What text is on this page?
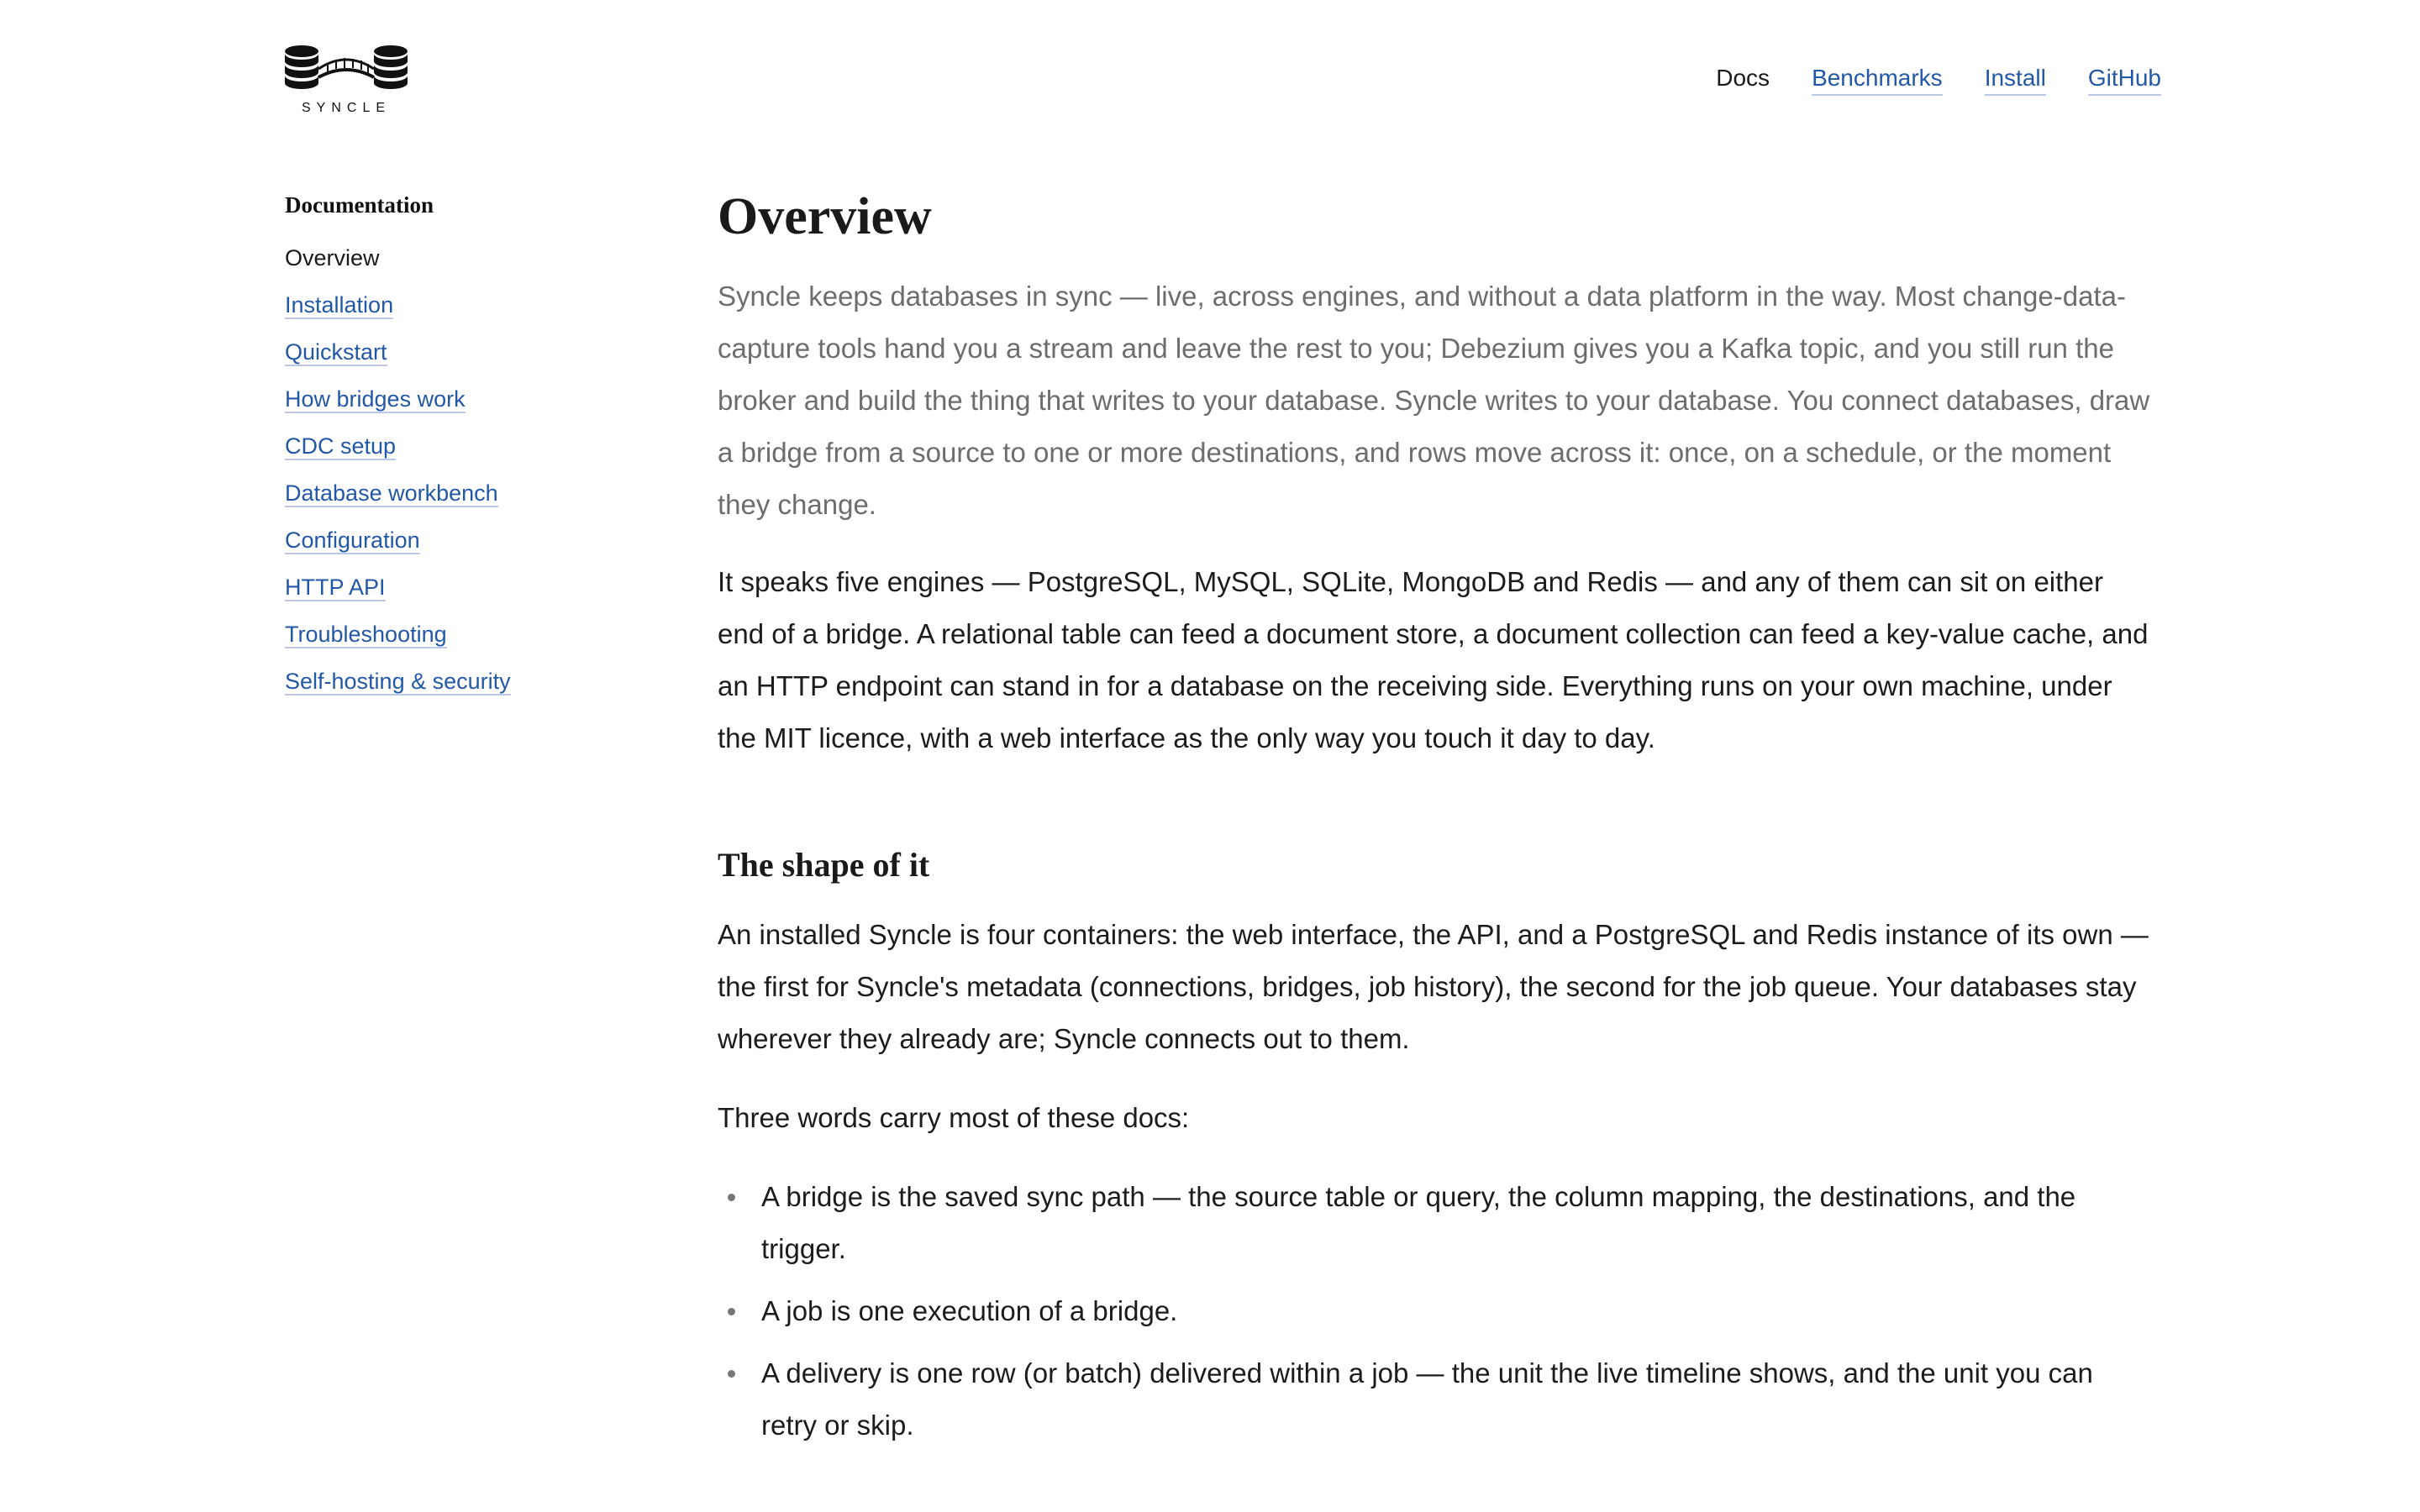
SYNCLE
Docs Benchmarks Install GitHub
Documentation
Overview
Installation
Quickstart
How bridges work
CDC setup
Database workbench
Configuration
HTTP API
Troubleshooting
Self-hosting & security
Overview

Syncle keeps databases in sync — live, across engines, and without a data platform in the way. Most change-data-capture tools hand you a stream and leave the rest to you; Debezium gives you a Kafka topic, and you still run the broker and build the thing that writes to your database. Syncle writes to your database. You connect databases, draw a bridge from a source to one or more destinations, and rows move across it: once, on a schedule, or the moment they change.

It speaks five engines — PostgreSQL, MySQL, SQLite, MongoDB and Redis — and any of them can sit on either end of a bridge. A relational table can feed a document store, a document collection can feed a key-value cache, and an HTTP endpoint can stand in for a database on the receiving side. Everything runs on your own machine, under the MIT licence, with a web interface as the only way you touch it day to day.

The shape of it

An installed Syncle is four containers: the web interface, the API, and a PostgreSQL and Redis instance of its own — the first for Syncle's metadata (connections, bridges, job history), the second for the job queue. Your databases stay wherever they already are; Syncle connects out to them.

Three words carry most of these docs:

A bridge is the saved sync path — the source table or query, the column mapping, the destinations, and the trigger.
A job is one execution of a bridge.
A delivery is one row (or batch) delivered within a job — the unit the live timeline shows, and the unit you can retry or skip.
